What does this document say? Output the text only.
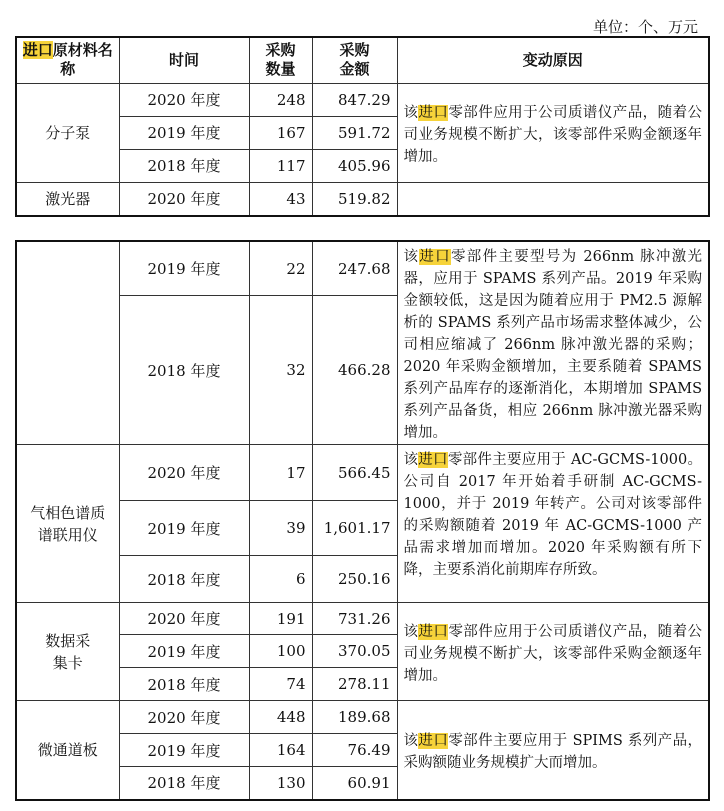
单位：个、万元
进口原材料名称	时间	采购数量	采购金额	变动原因
分子泵	2020 年度	248	847.29	该进口零部件应用于公司质谱仪产品，随着公司业务规模不断扩大，该零部件采购金额逐年增加。
	2019 年度	167	591.72	
	2018 年度	117	405.96	
激光器	2020 年度	43	519.82	
	2019 年度	22	247.68	该进口零部件主要型号为 266nm 脉冲激光器，应用于 SPAMS 系列产品。2019 年采购金额较低，这是因为随着应用于 PM2.5 源解析的 SPAMS 系列产品市场需求整体减少，公司相应缩减了 266nm 脉冲激光器的采购；2020 年采购金额增加，主要系随着 SPAMS 系列产品库存的逐渐消化，本期增加 SPAMS 系列产品备货，相应 266nm 脉冲激光器采购增加。
	2018 年度	32	466.28	
气相色谱质谱联用仪	2020 年度	17	566.45	该进口零部件主要应用于 AC-GCMS-1000。公司自 2017 年开始着手研制 AC-GCMS-1000，并于 2019 年转产。公司对该零部件的采购额随着 2019 年 AC-GCMS-1000 产品需求增加而增加。2020 年采购额有所下降，主要系消化前期库存所致。
	2019 年度	39	1,601.17	
	2018 年度	6	250.16	
数据采集卡	2020 年度	191	731.26	该进口零部件应用于公司质谱仪产品，随着公司业务规模不断扩大，该零部件采购金额逐年增加。
	2019 年度	100	370.05	
	2018 年度	74	278.11	
微通道板	2020 年度	448	189.68	该进口零部件主要应用于 SPIMS 系列产品，采购额随业务规模扩大而增加。
	2019 年度	164	76.49	
	2018 年度	130	60.91	
